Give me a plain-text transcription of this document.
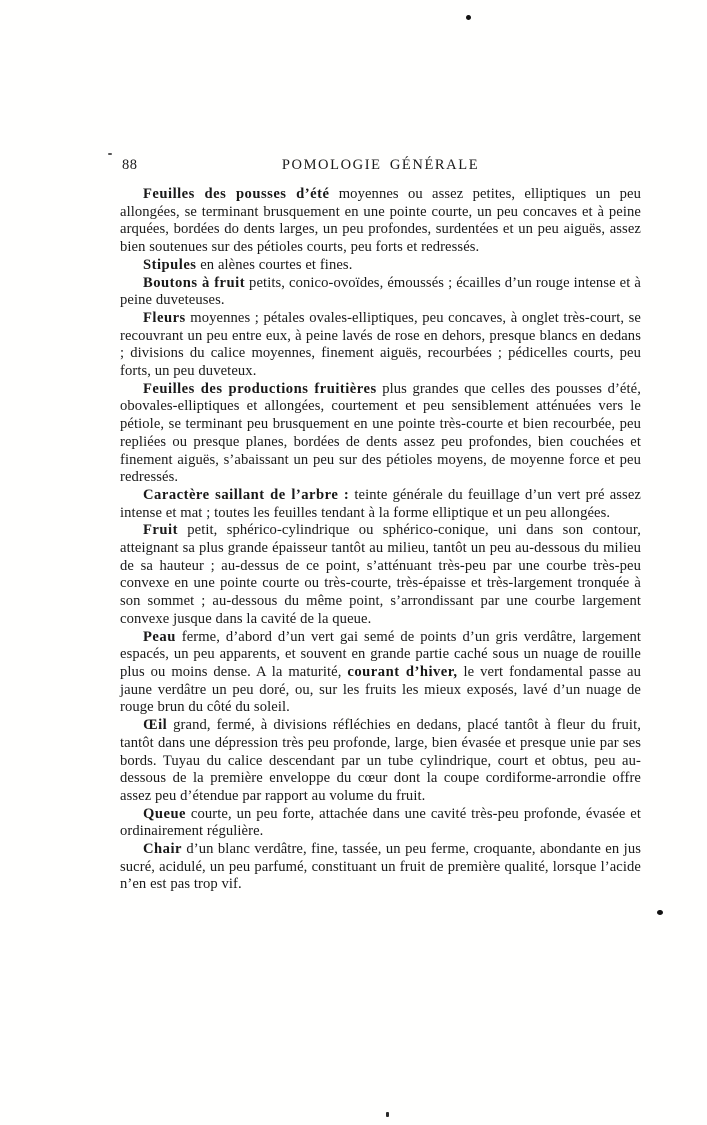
88	POMOLOGIE GÉNÉRALE

Feuilles des pousses d’été moyennes ou assez petites, elliptiques un peu allongées, se terminant brusquement en une pointe courte, un peu concaves et à peine arquées, bordées do dents larges, un peu profondes, surdentées et un peu aiguës, assez bien soutenues sur des pétioles courts, peu forts et redressés.

Stipules en alènes courtes et fines.

Boutons à fruit petits, conico-ovoïdes, émoussés ; écailles d’un rouge intense et à peine duveteuses.

Fleurs moyennes ; pétales ovales-elliptiques, peu concaves, à onglet très-court, se recouvrant un peu entre eux, à peine lavés de rose en dehors, presque blancs en dedans ; divisions du calice moyennes, finement aiguës, recourbées ; pédicelles courts, peu forts, un peu duveteux.

Feuilles des productions fruitières plus grandes que celles des pousses d’été, obovales-elliptiques et allongées, courtement et peu sensiblement atténuées vers le pétiole, se terminant peu brusquement en une pointe très-courte et bien recourbée, peu repliées ou presque planes, bordées de dents assez peu profondes, bien couchées et finement aiguës, s’abaissant un peu sur des pétioles moyens, de moyenne force et peu redressés.

Caractère saillant de l’arbre : teinte générale du feuillage d’un vert pré assez intense et mat ; toutes les feuilles tendant à la forme elliptique et un peu allongées.

Fruit petit, sphérico-cylindrique ou sphérico-conique, uni dans son contour, atteignant sa plus grande épaisseur tantôt au milieu, tantôt un peu au-dessous du milieu de sa hauteur ; au-dessus de ce point, s’atténuant très-peu par une courbe très-peu convexe en une pointe courte ou très-courte, très-épaisse et très-largement tronquée à son sommet ; au-dessous du même point, s’arrondissant par une courbe largement convexe jusque dans la cavité de la queue.

Peau ferme, d’abord d’un vert gai semé de points d’un gris verdâtre, largement espacés, un peu apparents, et souvent en grande partie caché sous un nuage de rouille plus ou moins dense. A la maturité, courant d’hiver, le vert fondamental passe au jaune verdâtre un peu doré, ou, sur les fruits les mieux exposés, lavé d’un nuage de rouge brun du côté du soleil.

Œil grand, fermé, à divisions réfléchies en dedans, placé tantôt à fleur du fruit, tantôt dans une dépression très peu profonde, large, bien évasée et presque unie par ses bords. Tuyau du calice descendant par un tube cylindrique, court et obtus, peu au-dessous de la première enveloppe du cœur dont la coupe cordiforme-arrondie offre assez peu d’étendue par rapport au volume du fruit.

Queue courte, un peu forte, attachée dans une cavité très-peu profonde, évasée et ordinairement régulière.

Chair d’un blanc verdâtre, fine, tassée, un peu ferme, croquante, abondante en jus sucré, acidulé, un peu parfumé, constituant un fruit de première qualité, lorsque l’acide n’en est pas trop vif.
